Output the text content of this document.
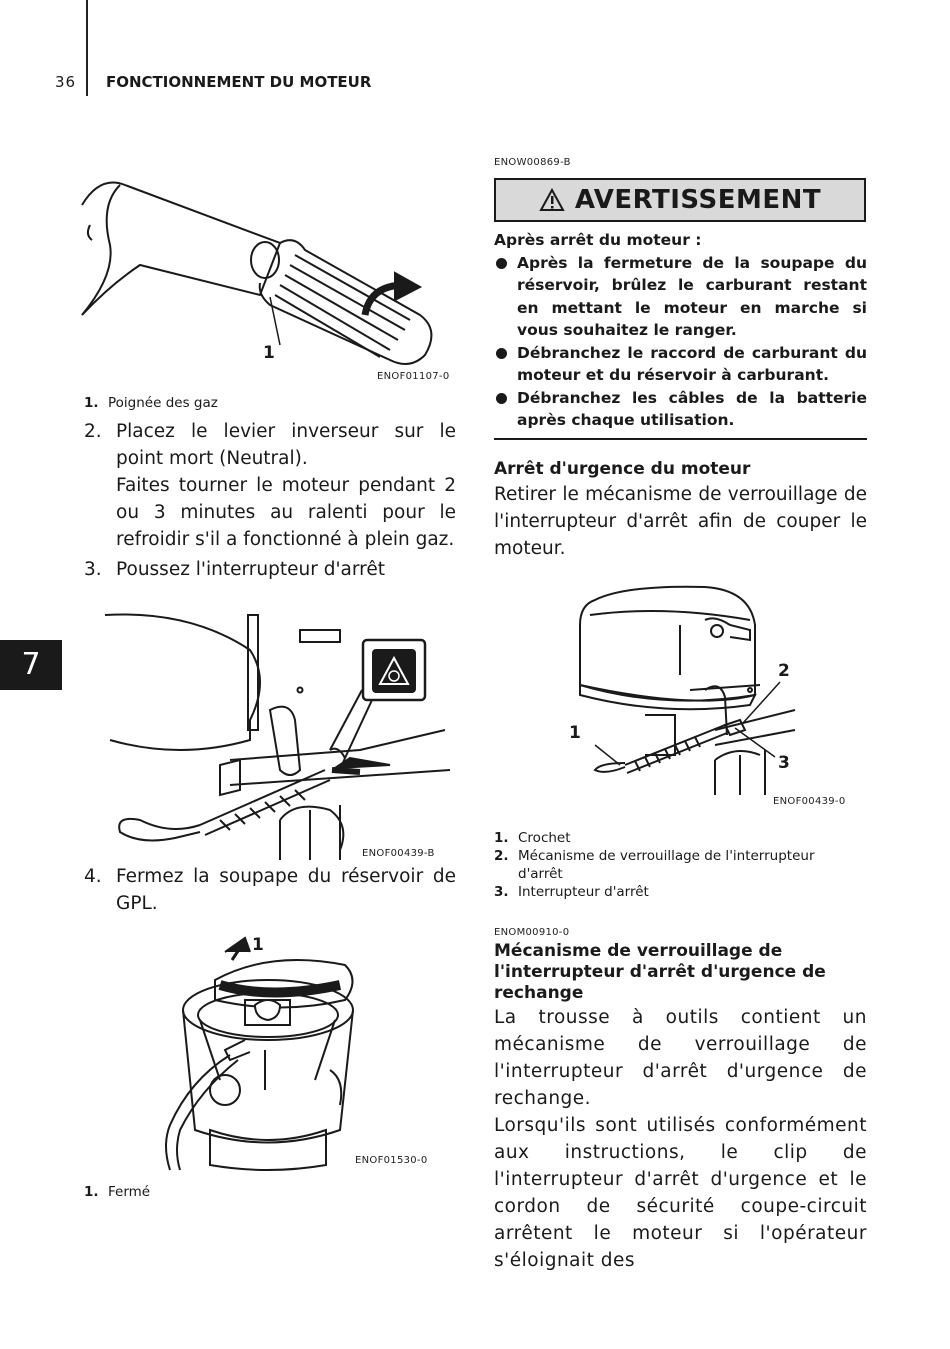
36 FONCTIONNEMENT DU MOTEUR
7
1
ENOF01107-0
1. Poignée des gaz
2. Placez le levier inverseur sur le point mort (Neutral).
Faites tourner le moteur pendant 2 ou 3 minutes au ralenti pour le refroidir s'il a fonctionné à plein gaz.
3. Poussez l'interrupteur d'arrêt
ENOF00439-B
4. Fermez la soupape du réservoir de GPL.
1
ENOF01530-0
1. Fermé
ENOW00869-B
AVERTISSEMENT
Après arrêt du moteur :
Après la fermeture de la soupape du réservoir, brûlez le carburant restant en mettant le moteur en marche si vous souhaitez le ranger.
Débranchez le raccord de carburant du moteur et du réservoir à carburant.
Débranchez les câbles de la batterie après chaque utilisation.
Arrêt d'urgence du moteur
Retirer le mécanisme de verrouillage de l'interrupteur d'arrêt afin de couper le moteur.
1
2
3
ENOF00439-0
1. Crochet
2. Mécanisme de verrouillage de l'interrupteur d'arrêt
3. Interrupteur d'arrêt
ENOM00910-0
Mécanisme de verrouillage de l'interrupteur d'arrêt d'urgence de rechange
La trousse à outils contient un mécanisme de verrouillage de l'interrupteur d'arrêt d'urgence de rechange.
Lorsqu'ils sont utilisés conformément aux instructions, le clip de l'interrupteur d'arrêt d'urgence et le cordon de sécurité coupe-circuit arrêtent le moteur si l'opérateur s'éloignait des
